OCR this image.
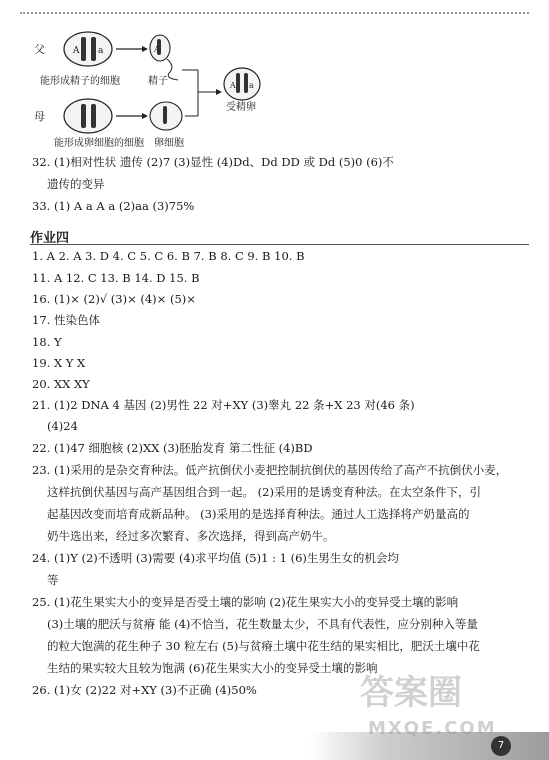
A a
父
能形成精子的细胞
A
精子	A a
受精卵
母
能形成卵细胞的细胞 卵细胞
32. (1)相对性状 遗传 (2)7 (3)显性 (4)Dd、Dd DD 或 Dd (5)0 (6)不
遗传的变异
33. (1) A a A a (2)aa (3)75%
作业四
1. A 2. A 3. D 4. C 5. C 6. B 7. B 8. C 9. B 10. B
11. A 12. C 13. B 14. D 15. B
16. (1)× (2)√ (3)× (4)× (5)×
17. 性染色体
18. Y
19. X Y X
20. XX XY
21. (1)2 DNA 4 基因 (2)男性 22 对+XY (3)睾丸 22 条+X 23 对(46 条)
(4)24
22. (1)47 细胞核 (2)XX (3)胚胎发育 第二性征 (4)BD
23. (1)采用的是杂交育种法。低产抗倒伏小麦把控制抗倒伏的基因传给了高产不抗倒伏小麦，
这样抗倒伏基因与高产基因组合到一起。 (2)采用的是诱变育种法。在太空条件下，引
起基因改变而培育成新品种。 (3)采用的是选择育种法。通过人工选择将产奶量高的
奶牛选出来，经过多次繁育、多次选择，得到高产奶牛。
24. (1)Y (2)不透明 (3)需要 (4)求平均值 (5)1 : 1 (6)生男生女的机会均
等
25. (1)花生果实大小的变异是否受土壤的影响 (2)花生果实大小的变异受土壤的影响
(3)土壤的肥沃与贫瘠 能 (4)不恰当，花生数量太少，不具有代表性，应分别种入等量
的粒大饱满的花生种子 30 粒左右 (5)与贫瘠土壤中花生结的果实相比，肥沃土壤中花
生结的果实较大且较为饱满 (6)花生果实大小的变异受土壤的影响
26. (1)女 (2)22 对+XY (3)不正确 (4)50%
7
答案圈
MXQE.COM
